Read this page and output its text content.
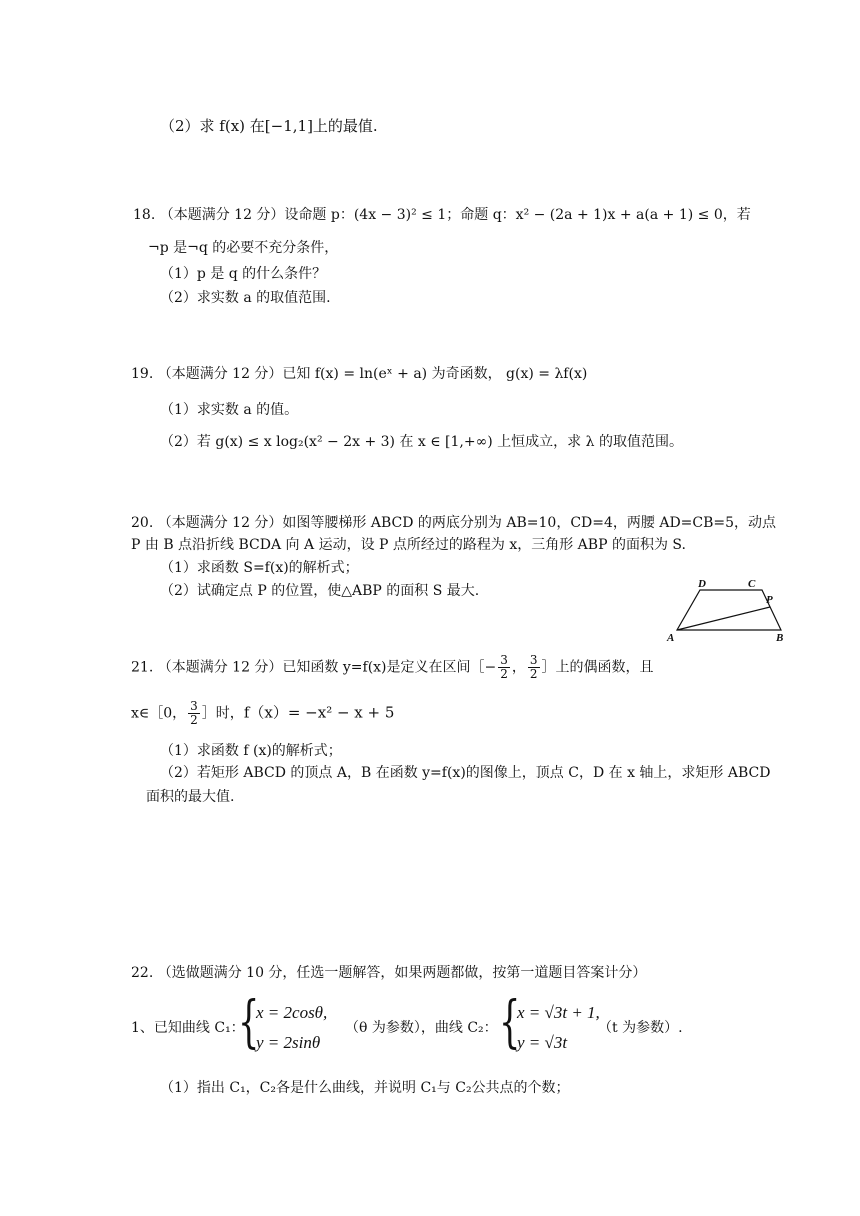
（2）求 f(x) 在[−1,1]上的最值.
18. （本题满分 12 分）设命题 p：(4x − 3)² ≤ 1；命题 q：x² − (2a + 1)x + a(a + 1) ≤ 0，若
¬p 是¬q 的必要不充分条件，
（1）p 是 q 的什么条件？
（2）求实数 a 的取值范围.
19. （本题满分 12 分）已知 f(x) = ln(eˣ + a) 为奇函数， g(x) = λf(x)
（1）求实数 a 的值。
（2）若 g(x) ≤ x log₂(x² − 2x + 3) 在 x ∈ [1,+∞) 上恒成立，求 λ 的取值范围。
20. （本题满分 12 分）如图等腰梯形 ABCD 的两底分别为 AB=10，CD=4，两腰 AD=CB=5，动点
P 由 B 点沿折线 BCDA 向 A 运动，设 P 点所经过的路程为 x，三角形 ABP 的面积为 S.
（1）求函数 S=f(x)的解析式；
（2）试确定点 P 的位置，使△ABP 的面积 S 最大.	D	C
P
A	B
21. （本题满分 12 分）已知函数 y=f(x)是定义在区间［− $\frac{3}{2}$ ， $\frac{3}{2}$ ］上的偶函数，且
x∈［0， $\frac{3}{2}$ ］时，f（x）= −x² − x + 5
（1）求函数 f (x)的解析式；
（2）若矩形 ABCD 的顶点 A，B 在函数 y=f(x)的图像上，顶点 C，D 在 x 轴上，求矩形 ABCD
面积的最大值.
22. （选做题满分 10 分，任选一题解答，如果两题都做，按第一道题目答案计分）
1、已知曲线 C₁：
{
x = 2cosθ,
y = 2sinθ
（θ 为参数），曲线 C₂： {
x = √3t + 1,
y = √3t
（t 为参数）.
（1）指出 C₁，C₂各是什么曲线，并说明 C₁与 C₂公共点的个数；
